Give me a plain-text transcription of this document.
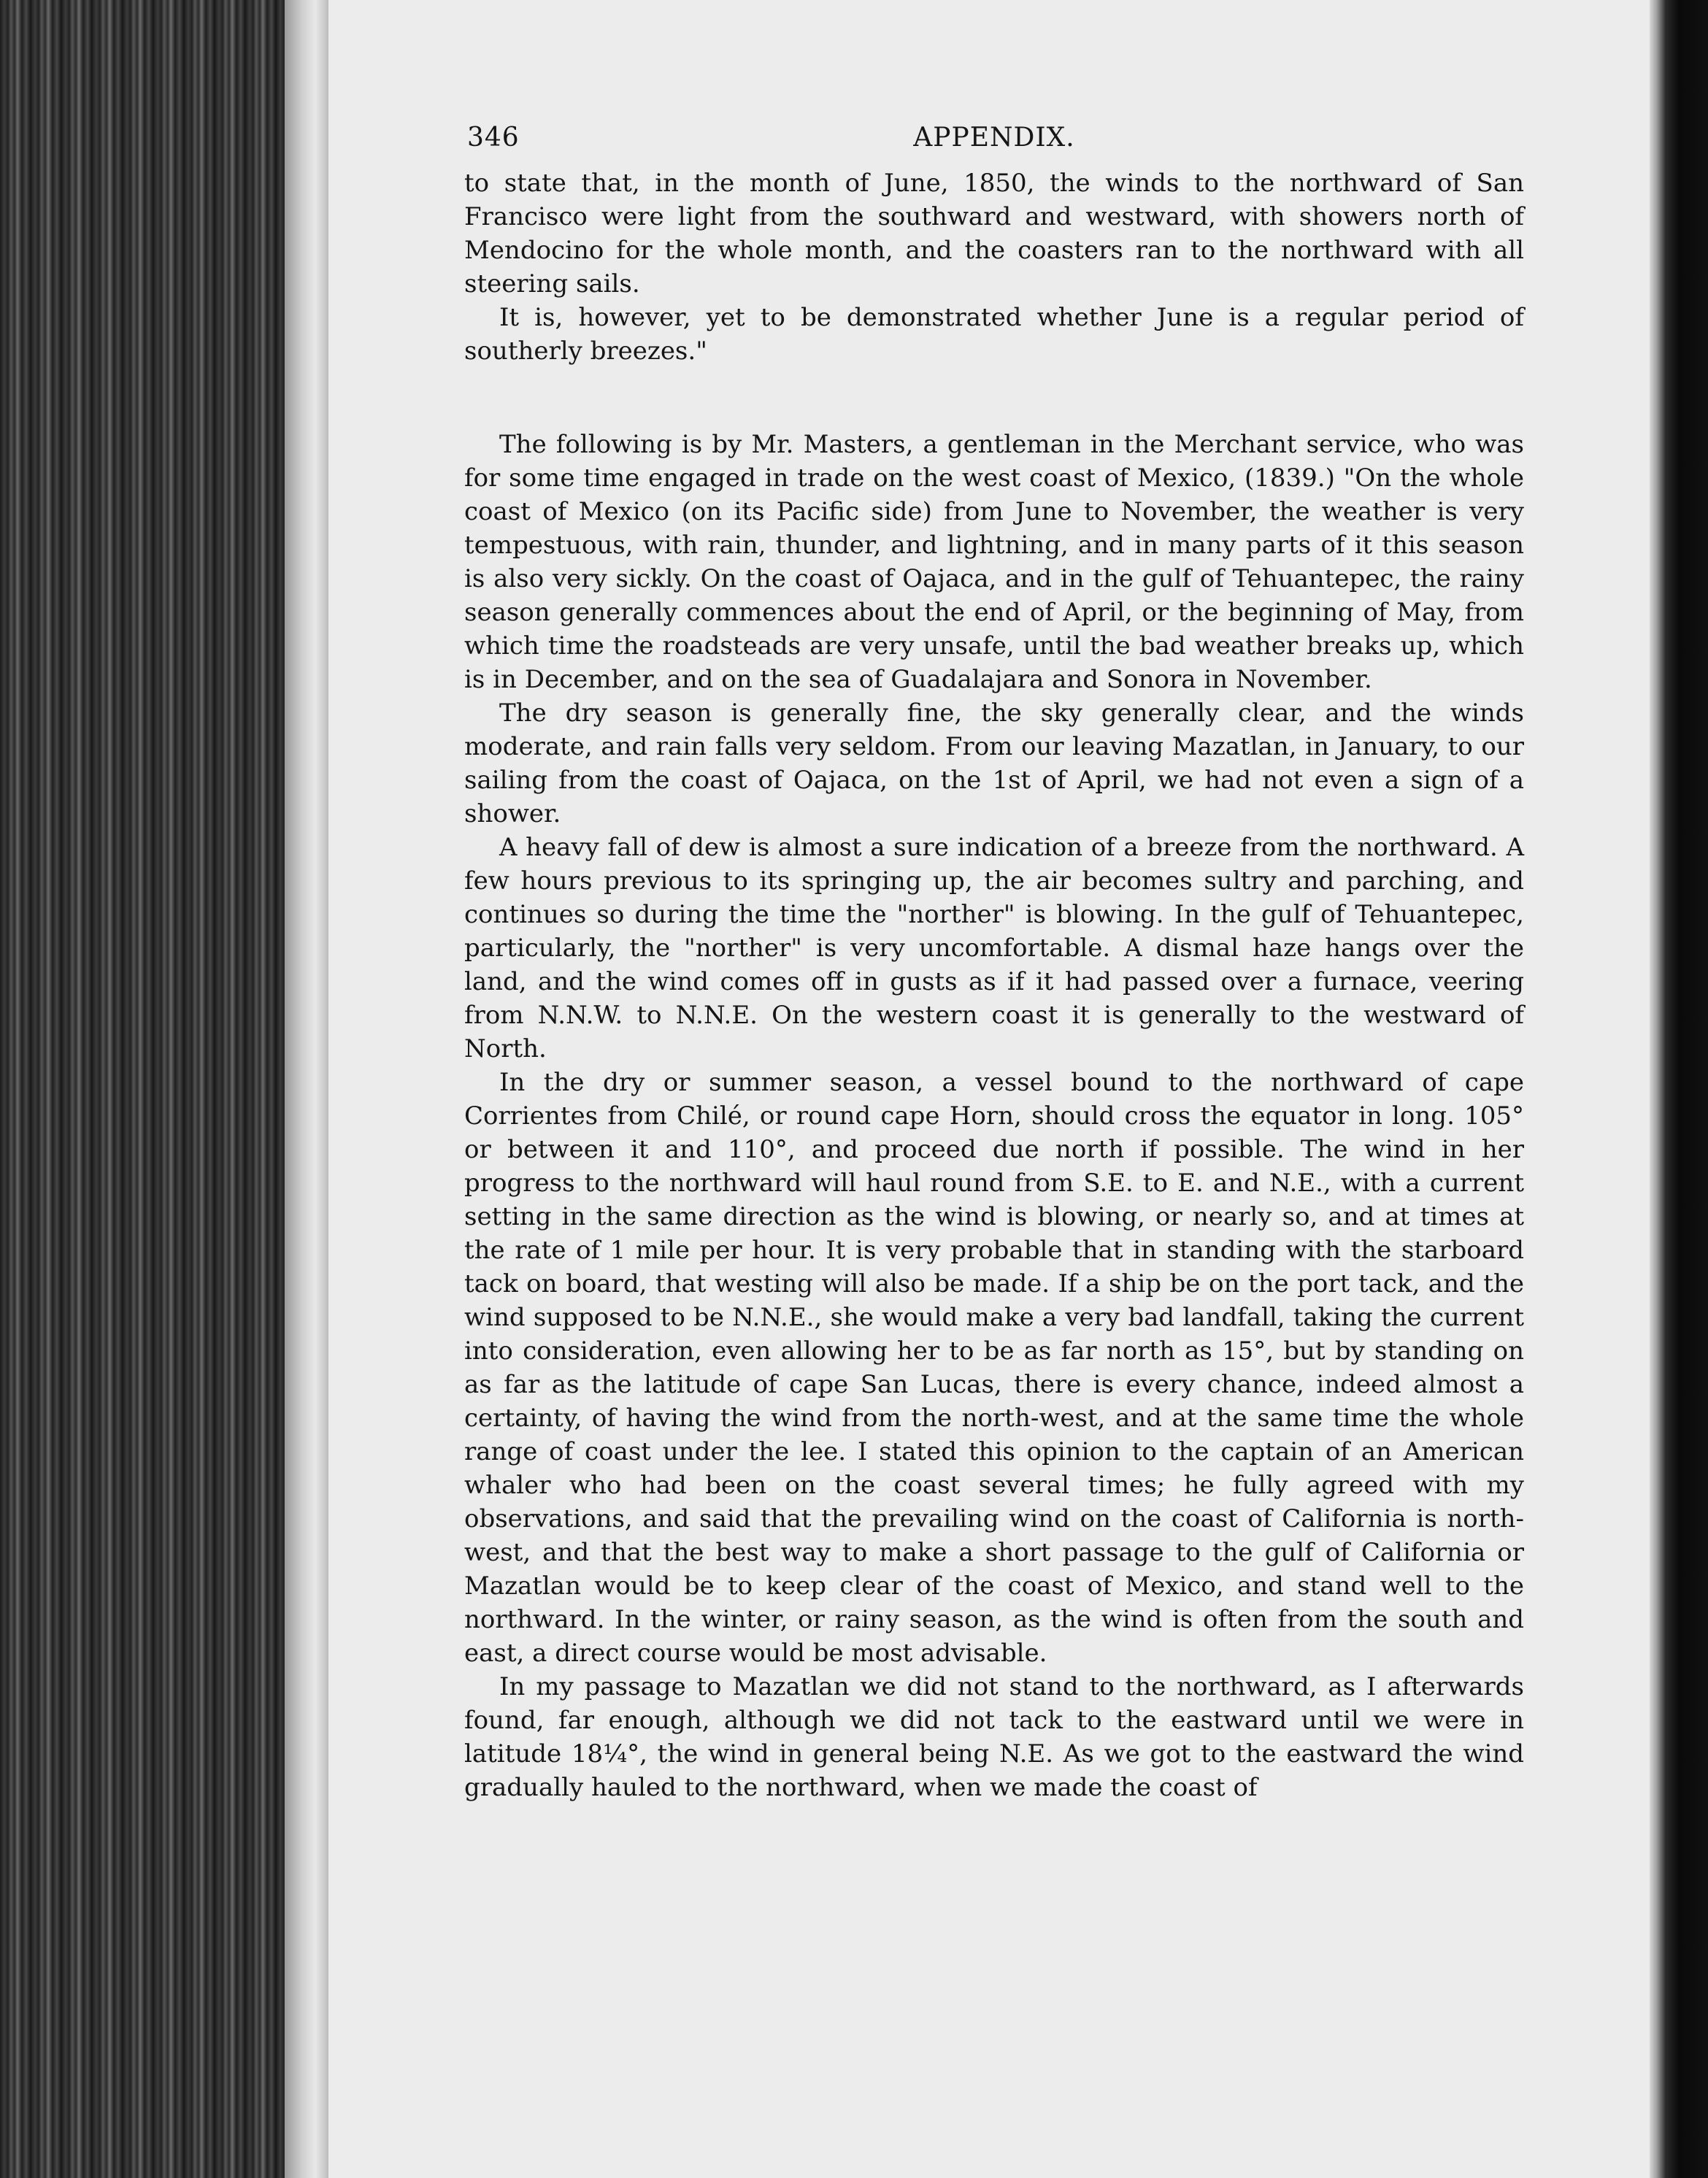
346	APPENDIX.

to state that, in the month of June, 1850, the winds to the northward of San Francisco were light from the southward and westward, with showers north of Mendocino for the whole month, and the coasters ran to the northward with all steering sails.

It is, however, yet to be demonstrated whether June is a regular period of southerly breezes."

The following is by Mr. Masters, a gentleman in the Merchant service, who was for some time engaged in trade on the west coast of Mexico, (1839.) "On the whole coast of Mexico (on its Pacific side) from June to November, the weather is very tempestuous, with rain, thunder, and lightning, and in many parts of it this season is also very sickly. On the coast of Oajaca, and in the gulf of Tehuantepec, the rainy season generally commences about the end of April, or the beginning of May, from which time the roadsteads are very unsafe, until the bad weather breaks up, which is in December, and on the sea of Guadalajara and Sonora in November.

The dry season is generally fine, the sky generally clear, and the winds moderate, and rain falls very seldom. From our leaving Mazatlan, in January, to our sailing from the coast of Oajaca, on the 1st of April, we had not even a sign of a shower.

A heavy fall of dew is almost a sure indication of a breeze from the northward. A few hours previous to its springing up, the air becomes sultry and parching, and continues so during the time the "norther" is blowing. In the gulf of Tehuantepec, particularly, the "norther" is very uncomfortable. A dismal haze hangs over the land, and the wind comes off in gusts as if it had passed over a furnace, veering from N.N.W. to N.N.E. On the western coast it is generally to the westward of North.

In the dry or summer season, a vessel bound to the northward of cape Corrientes from Chilé, or round cape Horn, should cross the equator in long. 105° or between it and 110°, and proceed due north if possible. The wind in her progress to the northward will haul round from S.E. to E. and N.E., with a current setting in the same direction as the wind is blowing, or nearly so, and at times at the rate of 1 mile per hour. It is very probable that in standing with the starboard tack on board, that westing will also be made. If a ship be on the port tack, and the wind supposed to be N.N.E., she would make a very bad landfall, taking the current into consideration, even allowing her to be as far north as 15°, but by standing on as far as the latitude of cape San Lucas, there is every chance, indeed almost a certainty, of having the wind from the north-west, and at the same time the whole range of coast under the lee. I stated this opinion to the captain of an American whaler who had been on the coast several times; he fully agreed with my observations, and said that the prevailing wind on the coast of California is north-west, and that the best way to make a short passage to the gulf of California or Mazatlan would be to keep clear of the coast of Mexico, and stand well to the northward. In the winter, or rainy season, as the wind is often from the south and east, a direct course would be most advisable.

In my passage to Mazatlan we did not stand to the northward, as I afterwards found, far enough, although we did not tack to the eastward until we were in latitude 18¼°, the wind in general being N.E. As we got to the eastward the wind gradually hauled to the northward, when we made the coast of
